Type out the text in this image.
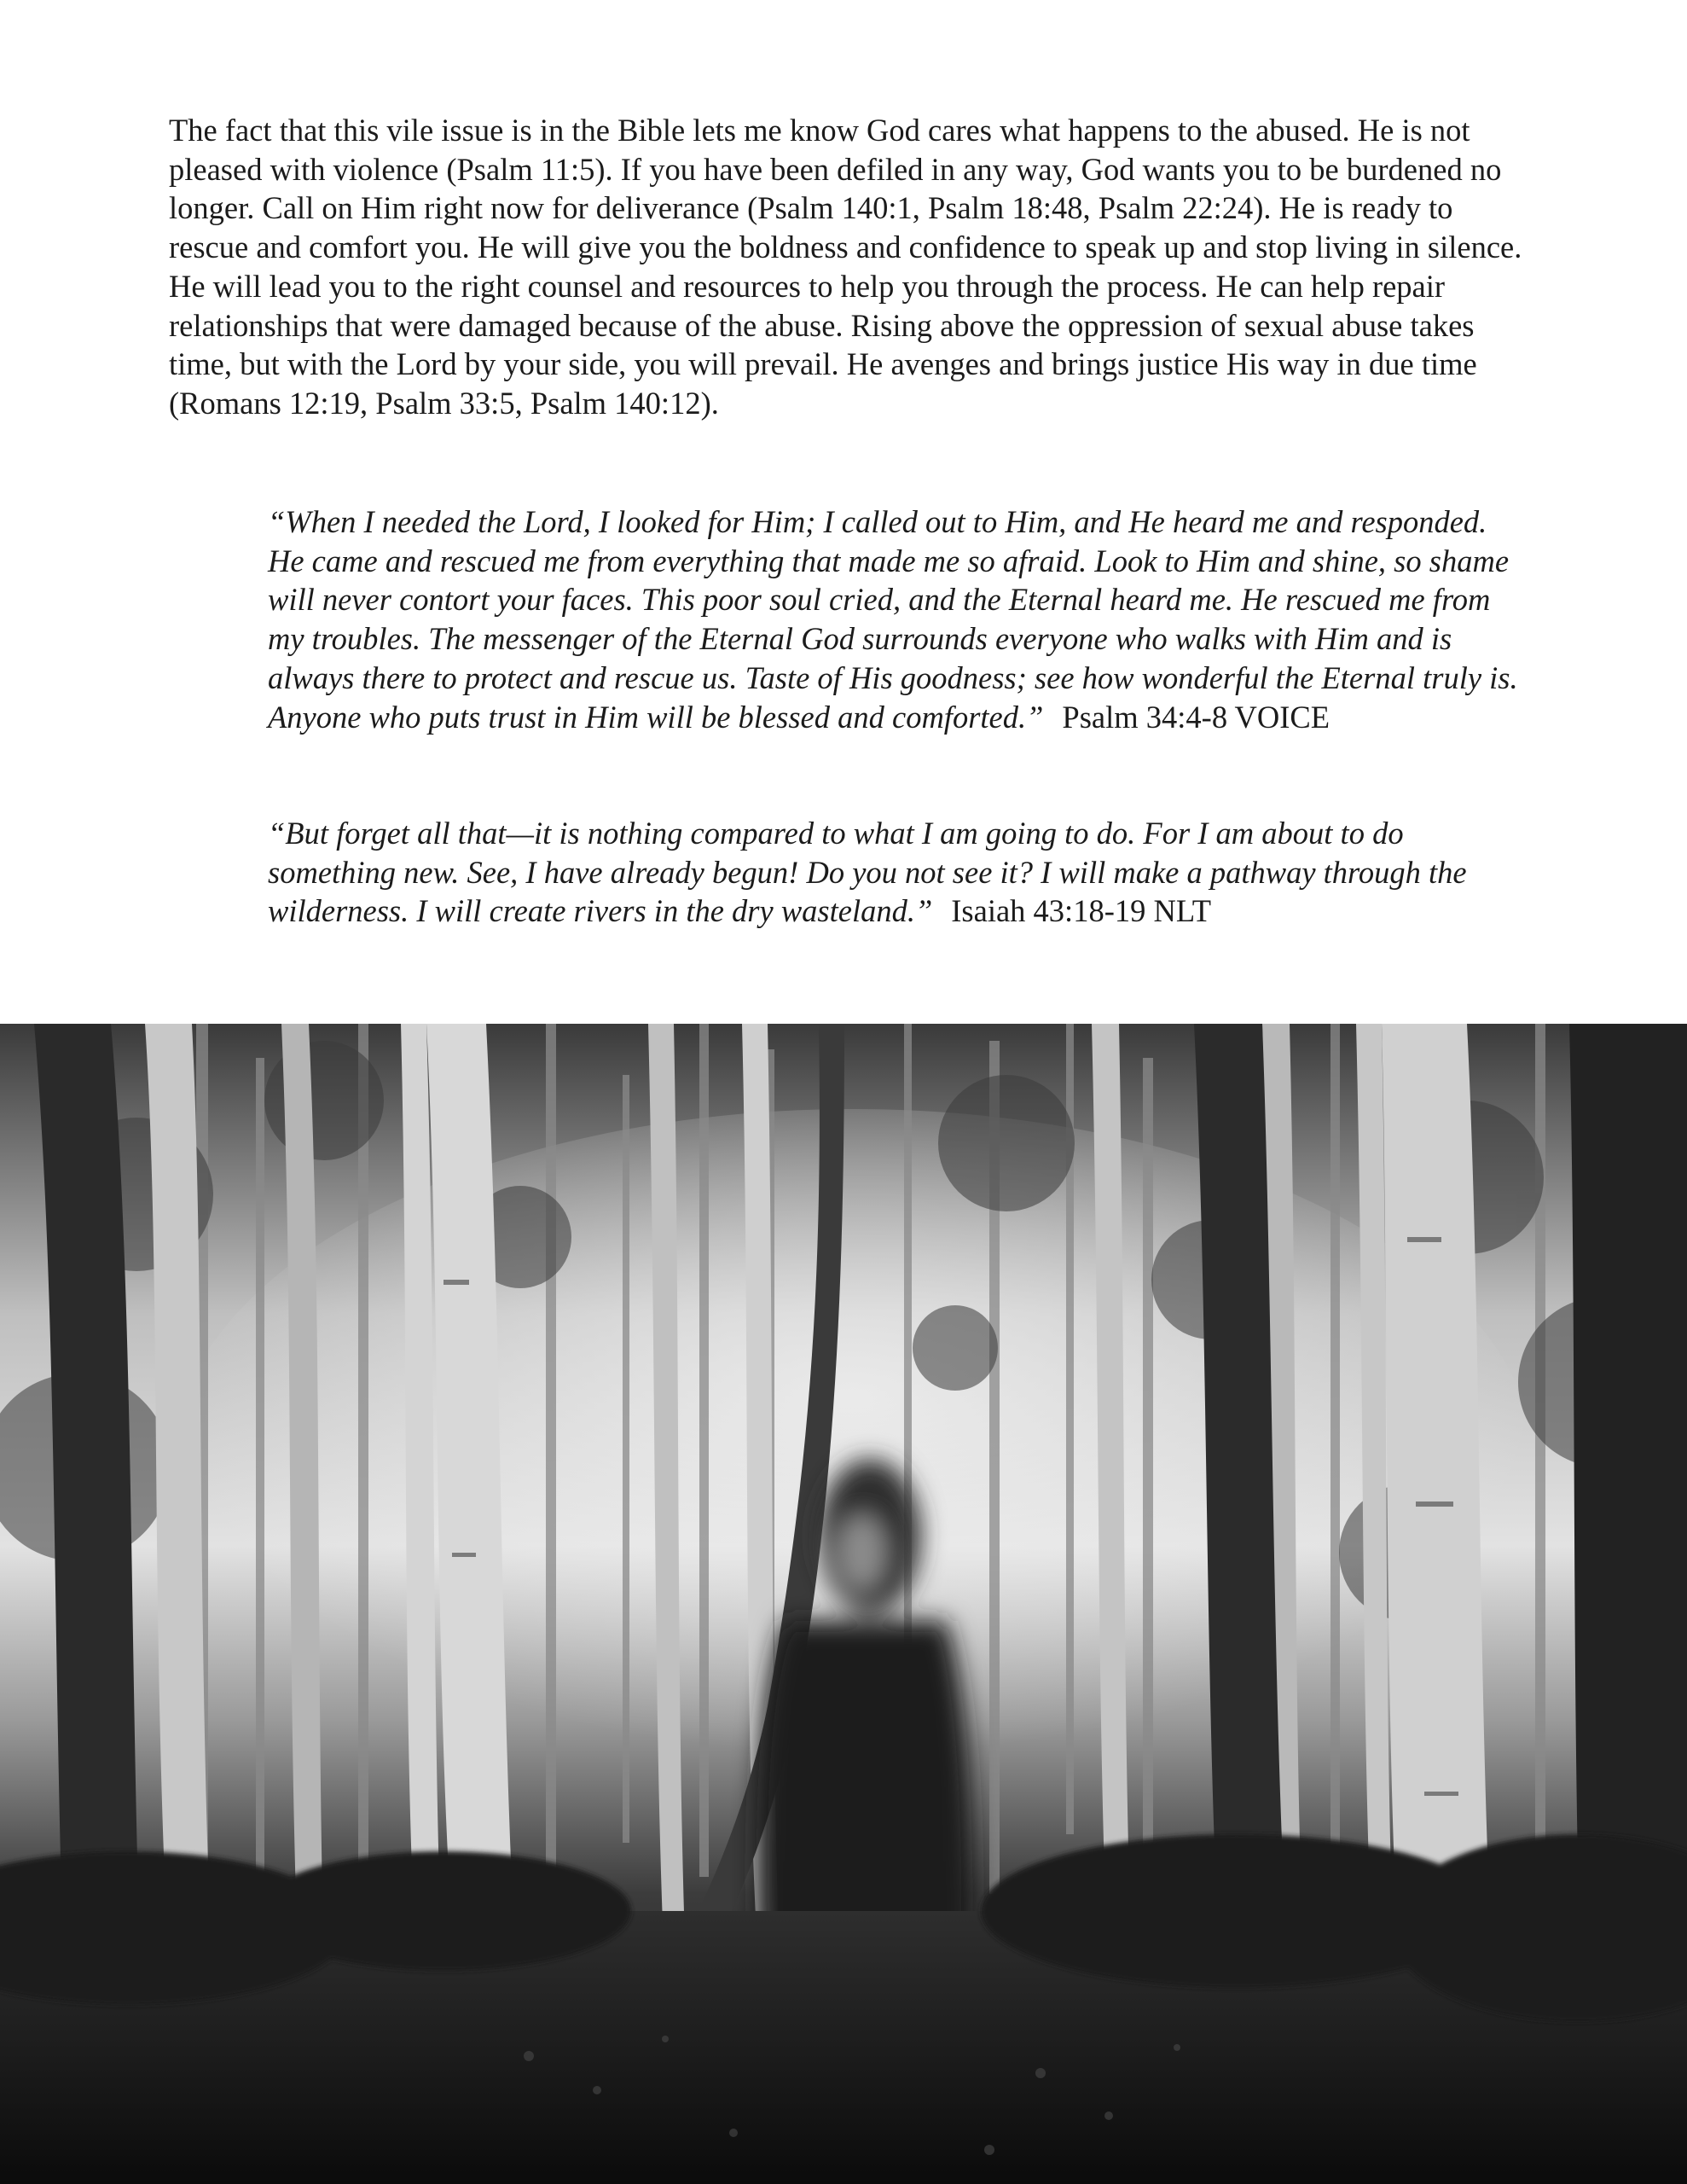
The fact that this vile issue is in the Bible lets me know God cares what happens to the abused. He is not pleased with violence (Psalm 11:5). If you have been defiled in any way, God wants you to be burdened no longer. Call on Him right now for deliverance (Psalm 140:1, Psalm 18:48, Psalm 22:24). He is ready to rescue and comfort you. He will give you the boldness and confidence to speak up and stop living in silence. He will lead you to the right counsel and resources to help you through the process. He can help repair relationships that were damaged because of the abuse. Rising above the oppression of sexual abuse takes time, but with the Lord by your side, you will prevail. He avenges and brings justice His way in due time (Romans 12:19, Psalm 33:5, Psalm 140:12).

“When I needed the Lord, I looked for Him; I called out to Him, and He heard me and responded. He came and rescued me from everything that made me so afraid. Look to Him and shine, so shame will never contort your faces. This poor soul cried, and the Eternal heard me. He rescued me from my troubles. The messenger of the Eternal God surrounds everyone who walks with Him and is always there to protect and rescue us. Taste of His goodness; see how wonderful the Eternal truly is. Anyone who puts trust in Him will be blessed and comforted.” Psalm 34:4-8 VOICE

“But forget all that—it is nothing compared to what I am going to do. For I am about to do something new. See, I have already begun! Do you not see it? I will make a pathway through the wilderness. I will create rivers in the dry wasteland.” Isaiah 43:18-19 NLT
